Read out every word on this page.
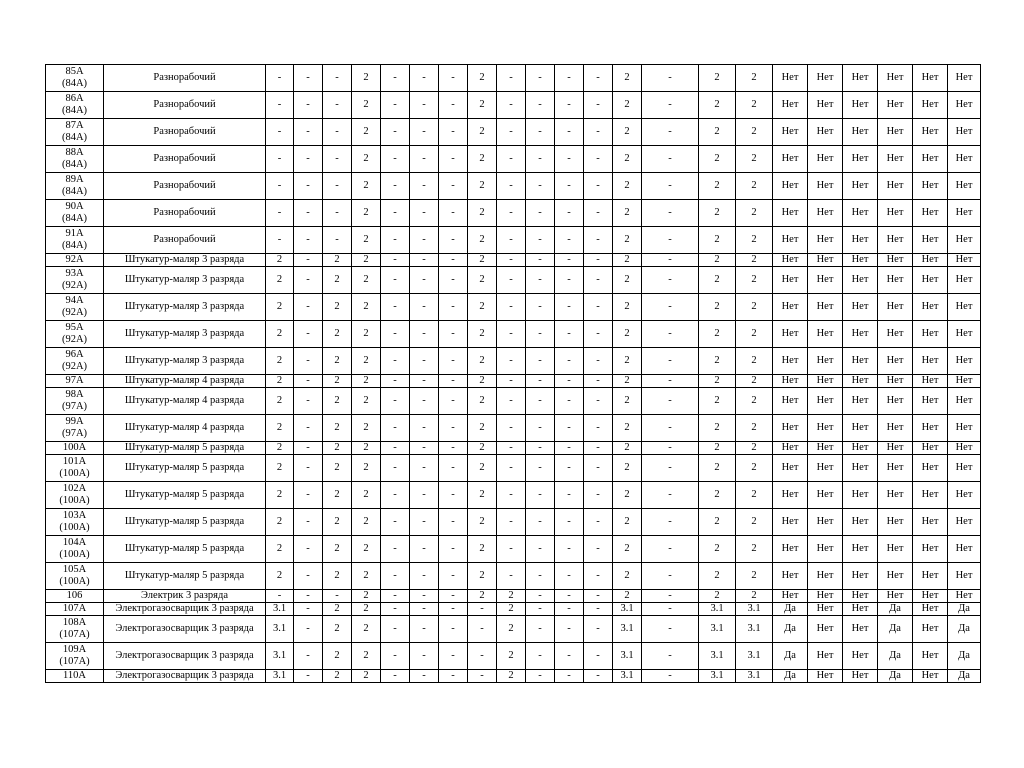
85А
(84А)	Разнорабочий	-	-	-	2	-	-	-	2	-	-	-	-	2	-	2	2	Нет	Нет	Нет	Нет	Нет	Нет

86А
(84А)	Разнорабочий	-	-	-	2	-	-	-	2	-	-	-	-	2	-	2	2	Нет	Нет	Нет	Нет	Нет	Нет

87А
(84А)	Разнорабочий	-	-	-	2	-	-	-	2	-	-	-	-	2	-	2	2	Нет	Нет	Нет	Нет	Нет	Нет

88А
(84А)	Разнорабочий	-	-	-	2	-	-	-	2	-	-	-	-	2	-	2	2	Нет	Нет	Нет	Нет	Нет	Нет

89А
(84А)	Разнорабочий	-	-	-	2	-	-	-	2	-	-	-	-	2	-	2	2	Нет	Нет	Нет	Нет	Нет	Нет

90А
(84А)	Разнорабочий	-	-	-	2	-	-	-	2	-	-	-	-	2	-	2	2	Нет	Нет	Нет	Нет	Нет	Нет

91А
(84А)	Разнорабочий	-	-	-	2	-	-	-	2	-	-	-	-	2	-	2	2	Нет	Нет	Нет	Нет	Нет	Нет

92А	Штукатур-маляр 3 разряда	2	-	2	2	-	-	-	2	-	-	-	-	2	-	2	2	Нет	Нет	Нет	Нет	Нет	Нет

93А
(92А)	Штукатур-маляр 3 разряда	2	-	2	2	-	-	-	2	-	-	-	-	2	-	2	2	Нет	Нет	Нет	Нет	Нет	Нет

94А
(92А)	Штукатур-маляр 3 разряда	2	-	2	2	-	-	-	2	-	-	-	-	2	-	2	2	Нет	Нет	Нет	Нет	Нет	Нет

95А
(92А)	Штукатур-маляр 3 разряда	2	-	2	2	-	-	-	2	-	-	-	-	2	-	2	2	Нет	Нет	Нет	Нет	Нет	Нет

96А
(92А)	Штукатур-маляр 3 разряда	2	-	2	2	-	-	-	2	-	-	-	-	2	-	2	2	Нет	Нет	Нет	Нет	Нет	Нет

97А	Штукатур-маляр 4 разряда	2	-	2	2	-	-	-	2	-	-	-	-	2	-	2	2	Нет	Нет	Нет	Нет	Нет	Нет

98А
(97А)	Штукатур-маляр 4 разряда	2	-	2	2	-	-	-	2	-	-	-	-	2	-	2	2	Нет	Нет	Нет	Нет	Нет	Нет

99А
(97А)	Штукатур-маляр 4 разряда	2	-	2	2	-	-	-	2	-	-	-	-	2	-	2	2	Нет	Нет	Нет	Нет	Нет	Нет

100А	Штукатур-маляр 5 разряда	2	-	2	2	-	-	-	2	-	-	-	-	2	-	2	2	Нет	Нет	Нет	Нет	Нет	Нет

101А
(100А)	Штукатур-маляр 5 разряда	2	-	2	2	-	-	-	2	-	-	-	-	2	-	2	2	Нет	Нет	Нет	Нет	Нет	Нет

102А
(100А)	Штукатур-маляр 5 разряда	2	-	2	2	-	-	-	2	-	-	-	-	2	-	2	2	Нет	Нет	Нет	Нет	Нет	Нет

103А
(100А)	Штукатур-маляр 5 разряда	2	-	2	2	-	-	-	2	-	-	-	-	2	-	2	2	Нет	Нет	Нет	Нет	Нет	Нет

104А
(100А)	Штукатур-маляр 5 разряда	2	-	2	2	-	-	-	2	-	-	-	-	2	-	2	2	Нет	Нет	Нет	Нет	Нет	Нет

105А
(100А)	Штукатур-маляр 5 разряда	2	-	2	2	-	-	-	2	-	-	-	-	2	-	2	2	Нет	Нет	Нет	Нет	Нет	Нет

106	Электрик 3 разряда	-	-	-	2	-	-	-	2	2	-	-	-	2	-	2	2	Нет	Нет	Нет	Нет	Нет	Нет

107А	Электрогазосварщик 3 разряда	3.1	-	2	2	-	-	-	-	2	-	-	-	3.1	-	3.1	3.1	Да	Нет	Нет	Да	Нет	Да

108А
(107А)	Электрогазосварщик 3 разряда	3.1	-	2	2	-	-	-	-	2	-	-	-	3.1	-	3.1	3.1	Да	Нет	Нет	Да	Нет	Да

109А
(107А)	Электрогазосварщик 3 разряда	3.1	-	2	2	-	-	-	-	2	-	-	-	3.1	-	3.1	3.1	Да	Нет	Нет	Да	Нет	Да

110А	Электрогазосварщик 3 разряда	3.1	-	2	2	-	-	-	-	2	-	-	-	3.1	-	3.1	3.1	Да	Нет	Нет	Да	Нет	Да
